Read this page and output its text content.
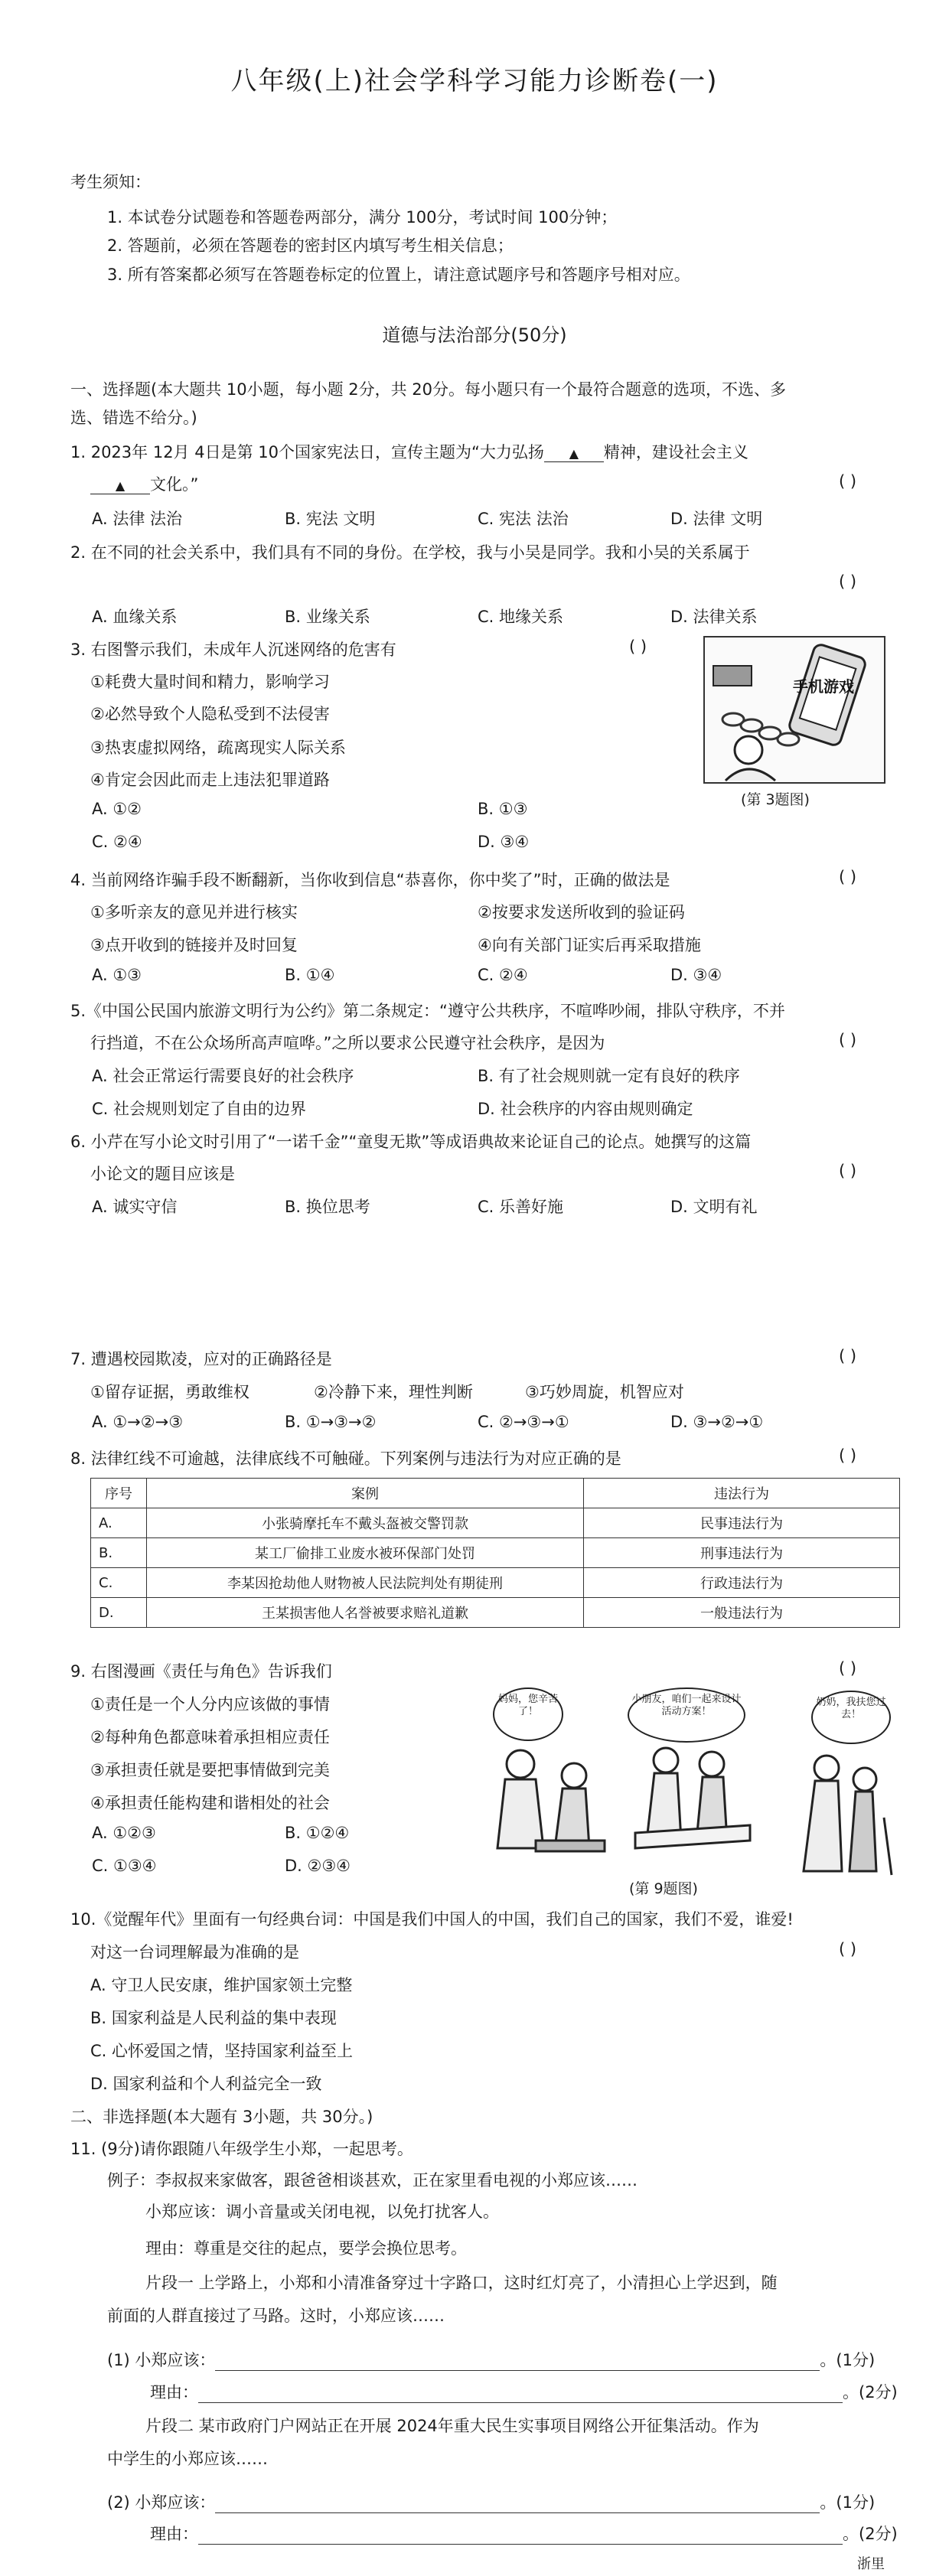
八年级(上)社会学科学习能力诊断卷(一)
考生须知：
1. 本试卷分试题卷和答题卷两部分，满分 100分，考试时间 100分钟；
2. 答题前，必须在答题卷的密封区内填写考生相关信息；
3. 所有答案都必须写在答题卷标定的位置上，请注意试题序号和答题序号相对应。
道德与法治部分(50分)
一、选择题(本大题共 10小题，每小题 2分，共 20分。每小题只有一个最符合题意的选项，不选、多
选、错选不给分。)
1. 2023年 12月 4日是第 10个国家宪法日，宣传主题为“大力弘扬 ▲ 精神，建设社会主义
▲ 文化。”	( )
A. 法律 法治	B. 宪法 文明	C. 宪法 法治	D. 法律 文明
2. 在不同的社会关系中，我们具有不同的身份。在学校，我与小吴是同学。我和小吴的关系属于
( )
A. 血缘关系	B. 业缘关系	C. 地缘关系	D. 法律关系
3. 右图警示我们，未成年人沉迷网络的危害有	( )
①耗费大量时间和精力，影响学习
②必然导致个人隐私受到不法侵害
③热衷虚拟网络，疏离现实人际关系
④肯定会因此而走上违法犯罪道路
A. ①②	B. ①③
C. ②④	D. ③④
手机游戏
(第 3题图)
4. 当前网络诈骗手段不断翻新，当你收到信息“恭喜你，你中奖了”时，正确的做法是	( )
①多听亲友的意见并进行核实	②按要求发送所收到的验证码
③点开收到的链接并及时回复	④向有关部门证实后再采取措施
A. ①③	B. ①④	C. ②④	D. ③④
5.《中国公民国内旅游文明行为公约》第二条规定：“遵守公共秩序，不喧哗吵闹，排队守秩序，不并
行挡道，不在公众场所高声喧哗。”之所以要求公民遵守社会秩序，是因为	( )
A. 社会正常运行需要良好的社会秩序	B. 有了社会规则就一定有良好的秩序
C. 社会规则划定了自由的边界	D. 社会秩序的内容由规则确定
6. 小芹在写小论文时引用了“一诺千金”“童叟无欺”等成语典故来论证自己的论点。她撰写的这篇
小论文的题目应该是	( )
A. 诚实守信	B. 换位思考	C. 乐善好施	D. 文明有礼
7. 遭遇校园欺凌，应对的正确路径是	( )
①留存证据，勇敢维权	②冷静下来，理性判断	③巧妙周旋，机智应对
A. ①→②→③	B. ①→③→②	C. ②→③→①	D. ③→②→①
8. 法律红线不可逾越，法律底线不可触碰。下列案例与违法行为对应正确的是	( )
序号	案例	违法行为
A.	小张骑摩托车不戴头盔被交警罚款	民事违法行为
B.	某工厂偷排工业废水被环保部门处罚	刑事违法行为
C.	李某因抢劫他人财物被人民法院判处有期徒刑	行政违法行为
D.	王某损害他人名誉被要求赔礼道歉	一般违法行为
9. 右图漫画《责任与角色》告诉我们	( )
①责任是一个人分内应该做的事情
②每种角色都意味着承担相应责任
③承担责任就是要把事情做到完美
④承担责任能构建和谐相处的社会
A. ①②③	B. ①②④
C. ①③④	D. ②③④
妈妈，您辛苦了！
小朋友，咱们一起来设计活动方案！
奶奶，我扶您过去！
(第 9题图)
10.《觉醒年代》里面有一句经典台词：中国是我们中国人的中国，我们自己的国家，我们不爱，谁爱!
对这一台词理解最为准确的是	( )
A. 守卫人民安康，维护国家领土完整
B. 国家利益是人民利益的集中表现
C. 心怀爱国之情，坚持国家利益至上
D. 国家利益和个人利益完全一致
二、非选择题(本大题有 3小题，共 30分。)
11. (9分)请你跟随八年级学生小郑，一起思考。
例子：李叔叔来家做客，跟爸爸相谈甚欢，正在家里看电视的小郑应该……
小郑应该：调小音量或关闭电视，以免打扰客人。
理由：尊重是交往的起点，要学会换位思考。
片段一 上学路上，小郑和小清准备穿过十字路口，这时红灯亮了，小清担心上学迟到，随
前面的人群直接过了马路。这时，小郑应该……
(1) 小郑应该：	。(1分)
理由：	。(2分)
片段二 某市政府门户网站正在开展 2024年重大民生实事项目网络公开征集活动。作为
中学生的小郑应该……
(2) 小郑应该：	。(1分)
理由：	。(2分)
浙里
